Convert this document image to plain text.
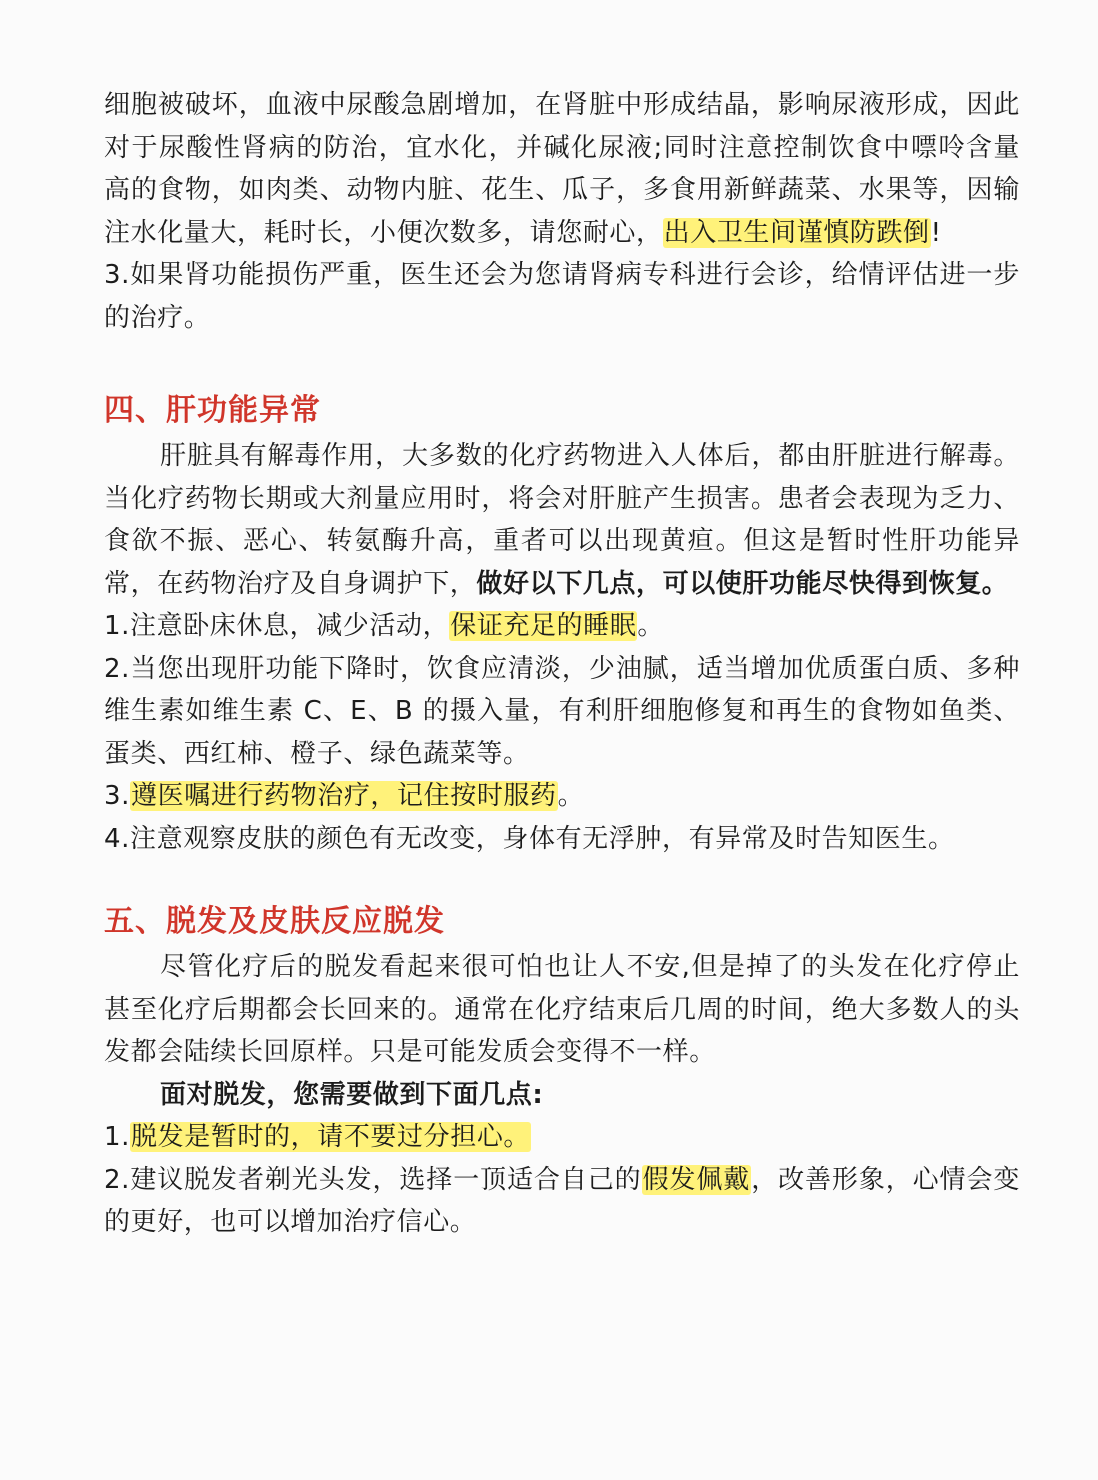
细胞被破坏，血液中尿酸急剧增加，在肾脏中形成结晶，影响尿液形成，因此对于尿酸性肾病的防治，宜水化，并碱化尿液;同时注意控制饮食中嘌呤含量 高的食物，如肉类、动物内脏、花生、瓜子，多食用新鲜蔬菜、水果等，因输注水化量大，耗时长，小便次数多，请您耐心，出入卫生间谨慎防跌倒!

3.如果肾功能损伤严重，医生还会为您请肾病专科进行会诊，给情评估进一步的治疗。

四、肝功能异常

肝脏具有解毒作用，大多数的化疗药物进入人体后，都由肝脏进行解毒。 当化疗药物长期或大剂量应用时，将会对肝脏产生损害。患者会表现为乏力、 食欲不振、恶心、转氨酶升高，重者可以出现黄疸。但这是暂时性肝功能异常，在药物治疗及自身调护下，做好以下几点，可以使肝功能尽快得到恢复。

1.注意卧床休息，减少活动，保证充足的睡眠。

2.当您出现肝功能下降时，饮食应清淡，少油腻，适当增加优质蛋白质、多种维生素如维生素 C、E、B 的摄入量，有利肝细胞修复和再生的食物如鱼类、蛋类、西红柿、橙子、绿色蔬菜等。

3.遵医嘱进行药物治疗，记住按时服药。

4.注意观察皮肤的颜色有无改变，身体有无浮肿，有异常及时告知医生。

五、脱发及皮肤反应脱发

尽管化疗后的脱发看起来很可怕也让人不安,但是掉了的头发在化疗停止甚至化疗后期都会长回来的。通常在化疗结束后几周的时间，绝大多数人的头发都会陆续长回原样。只是可能发质会变得不一样。

面对脱发，您需要做到下面几点:

1.脱发是暂时的，请不要过分担心。

2.建议脱发者剃光头发，选择一顶适合自己的假发佩戴，改善形象，心情会变的更好，也可以增加治疗信心。
